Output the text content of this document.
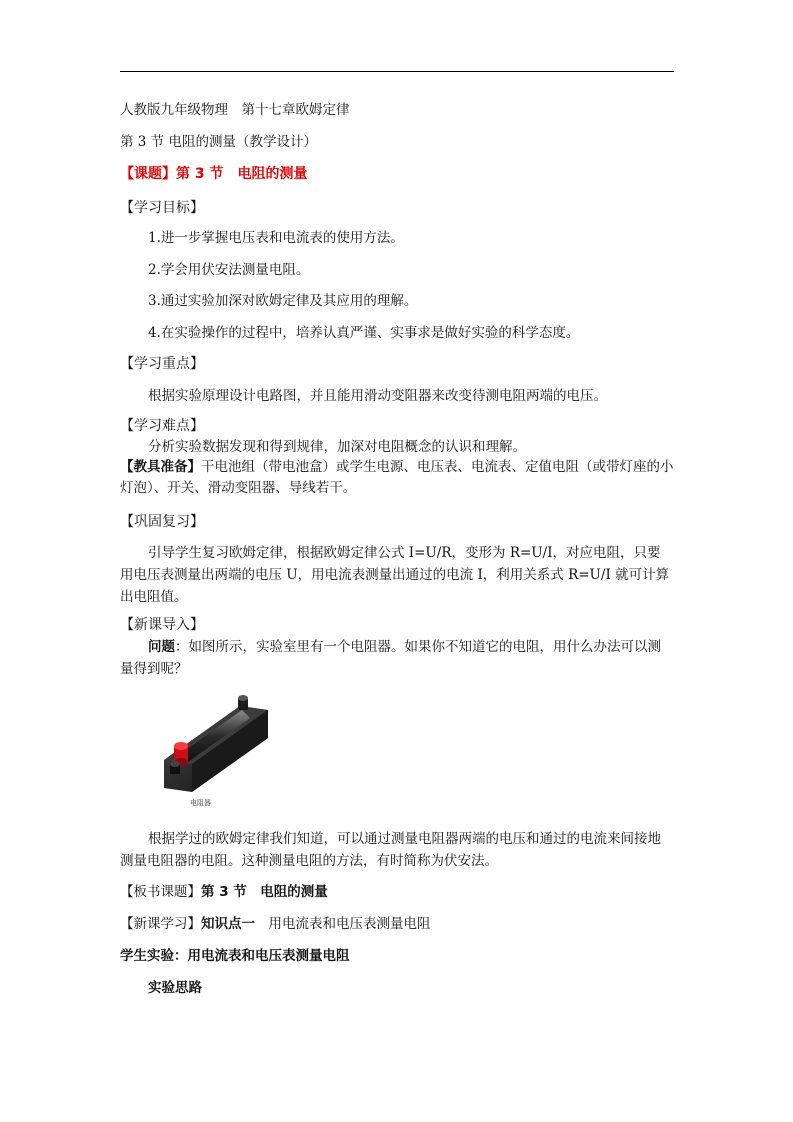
人教版九年级物理　第十七章欧姆定律
第 3 节 电阻的测量（教学设计）
【课题】第 3 节　电阻的测量
【学习目标】
1.进一步掌握电压表和电流表的使用方法。
2.学会用伏安法测量电阻。
3.通过实验加深对欧姆定律及其应用的理解。
4.在实验操作的过程中，培养认真严谨、实事求是做好实验的科学态度。
【学习重点】
根据实验原理设计电路图，并且能用滑动变阻器来改变待测电阻两端的电压。
【学习难点】
分析实验数据发现和得到规律，加深对电阻概念的认识和理解。
【教具准备】干电池组（带电池盒）或学生电源、电压表、电流表、定值电阻（或带灯座的小灯泡）、开关、滑动变阻器、导线若干。
【巩固复习】
引导学生复习欧姆定律，根据欧姆定律公式 I=U/R，变形为 R=U/I，对应电阻，只要用电压表测量出两端的电压 U，用电流表测量出通过的电流 I，利用关系式 R=U/I 就可计算出电阻值。
【新课导入】
问题：如图所示，实验室里有一个电阻器。如果你不知道它的电阻，用什么办法可以测量得到呢？
电阻器
根据学过的欧姆定律我们知道，可以通过测量电阻器两端的电压和通过的电流来间接地测量电阻器的电阻。这种测量电阻的方法，有时简称为伏安法。
【板书课题】第 3 节　电阻的测量
【新课学习】知识点一　用电流表和电压表测量电阻
学生实验：用电流表和电压表测量电阻
实验思路
